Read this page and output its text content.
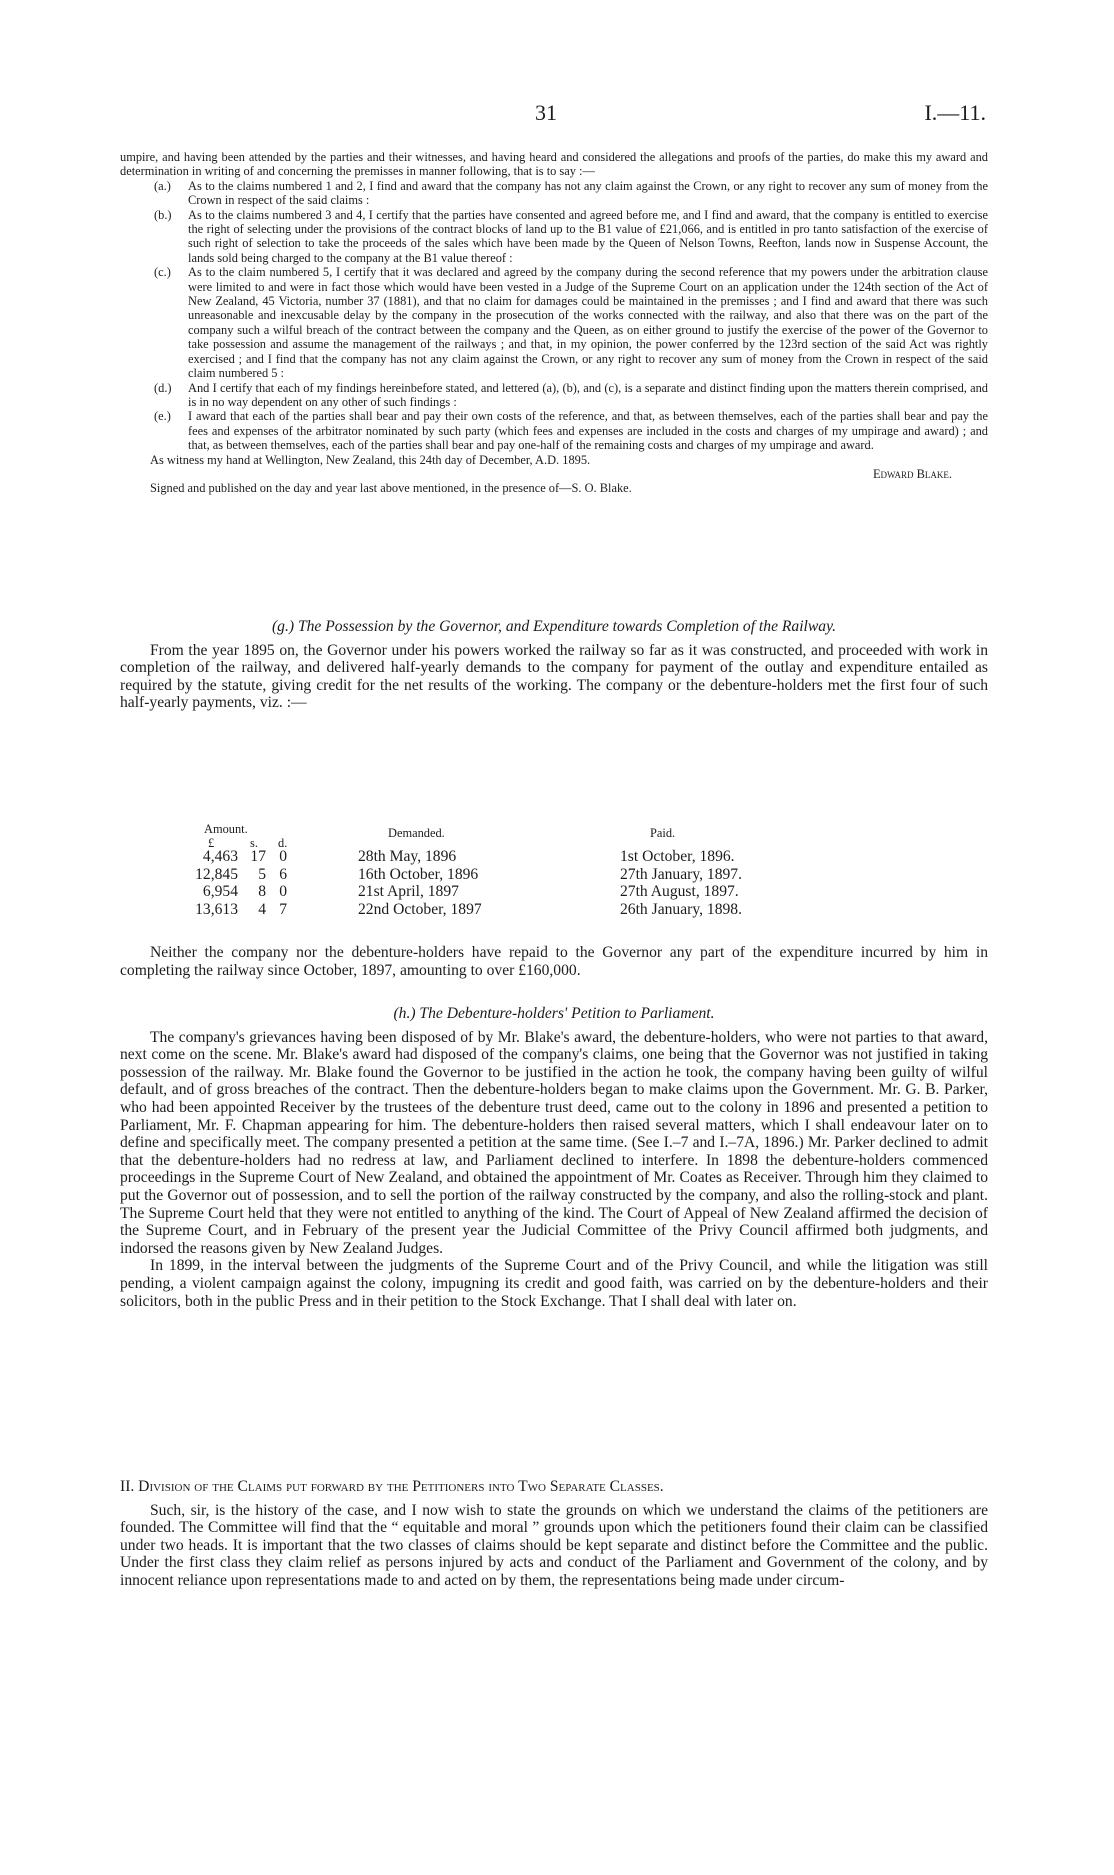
31	I.—11.

umpire, and having been attended by the parties and their witnesses, and having heard and considered the allegations and proofs of the parties, do make this my award and determination in writing of and concerning the premisses in manner following, that is to say :—

(a.)	As to the claims numbered 1 and 2, I find and award that the company has not any claim against the Crown, or any right to recover any sum of money from the Crown in respect of the said claims :
(b.)	As to the claims numbered 3 and 4, I certify that the parties have consented and agreed before me, and I find and award, that the company is entitled to exercise the right of selecting under the provisions of the contract blocks of land up to the B1 value of £21,066, and is entitled in pro tanto satisfaction of the exercise of such right of selection to take the proceeds of the sales which have been made by the Queen of Nelson Towns, Reefton, lands now in Suspense Account, the lands sold being charged to the company at the B1 value thereof :
(c.)	As to the claim numbered 5, I certify that it was declared and agreed by the company during the second reference that my powers under the arbitration clause were limited to and were in fact those which would have been vested in a Judge of the Supreme Court on an application under the 124th section of the Act of New Zealand, 45 Victoria, number 37 (1881), and that no claim for damages could be maintained in the premisses ; and I find and award that there was such unreasonable and inexcusable delay by the company in the prosecution of the works connected with the railway, and also that there was on the part of the company such a wilful breach of the contract between the company and the Queen, as on either ground to justify the exercise of the power of the Governor to take possession and assume the management of the railways ; and that, in my opinion, the power conferred by the 123rd section of the said Act was rightly exercised ; and I find that the company has not any claim against the Crown, or any right to recover any sum of money from the Crown in respect of the said claim numbered 5 :
(d.)	And I certify that each of my findings hereinbefore stated, and lettered (a), (b), and (c), is a separate and distinct finding upon the matters therein comprised, and is in no way dependent on any other of such findings :
(e.)	I award that each of the parties shall bear and pay their own costs of the reference, and that, as between themselves, each of the parties shall bear and pay the fees and expenses of the arbitrator nominated by such party (which fees and expenses are included in the costs and charges of my umpirage and award) ; and that, as between themselves, each of the parties shall bear and pay one-half of the remaining costs and charges of my umpirage and award.

As witness my hand at Wellington, New Zealand, this 24th day of December, A.D. 1895.

Edward Blake.

Signed and published on the day and year last above mentioned, in the presence of—S. O. Blake.

(g.) The Possession by the Governor, and Expenditure towards Completion of the Railway.

From the year 1895 on, the Governor under his powers worked the railway so far as it was constructed, and proceeded with work in completion of the railway, and delivered half-yearly demands to the company for payment of the outlay and expenditure entailed as required by the statute, giving credit for the net results of the working. The company or the debenture-holders met the first four of such half-yearly payments, viz. :—

Amount.	Demanded.	Paid.
£	s. d.
4,463 17 0	28th May, 1896	1st October, 1896.
12,845 5 6	16th October, 1896	27th January, 1897.
6,954 8 0	21st April, 1897	27th August, 1897.
13,613 4 7	22nd October, 1897	26th January, 1898.

Neither the company nor the debenture-holders have repaid to the Governor any part of the expenditure incurred by him in completing the railway since October, 1897, amounting to over £160,000.

(h.) The Debenture-holders' Petition to Parliament.

The company's grievances having been disposed of by Mr. Blake's award, the debenture-holders, who were not parties to that award, next come on the scene. Mr. Blake's award had disposed of the company's claims, one being that the Governor was not justified in taking possession of the railway. Mr. Blake found the Governor to be justified in the action he took, the company having been guilty of wilful default, and of gross breaches of the contract. Then the debenture-holders began to make claims upon the Government. Mr. G. B. Parker, who had been appointed Receiver by the trustees of the debenture trust deed, came out to the colony in 1896 and presented a petition to Parliament, Mr. F. Chapman appearing for him. The debenture-holders then raised several matters, which I shall endeavour later on to define and specifically meet. The company presented a petition at the same time. (See I.–7 and I.–7A, 1896.) Mr. Parker declined to admit that the debenture-holders had no redress at law, and Parliament declined to interfere. In 1898 the debenture-holders commenced proceedings in the Supreme Court of New Zealand, and obtained the appointment of Mr. Coates as Receiver. Through him they claimed to put the Governor out of possession, and to sell the portion of the railway constructed by the company, and also the rolling-stock and plant. The Supreme Court held that they were not entitled to anything of the kind. The Court of Appeal of New Zealand affirmed the decision of the Supreme Court, and in February of the present year the Judicial Committee of the Privy Council affirmed both judgments, and indorsed the reasons given by New Zealand Judges.

In 1899, in the interval between the judgments of the Supreme Court and of the Privy Council, and while the litigation was still pending, a violent campaign against the colony, impugning its credit and good faith, was carried on by the debenture-holders and their solicitors, both in the public Press and in their petition to the Stock Exchange. That I shall deal with later on.

II. Division of the Claims put forward by the Petitioners into Two Separate Classes.

Such, sir, is the history of the case, and I now wish to state the grounds on which we understand the claims of the petitioners are founded. The Committee will find that the “ equitable and moral ” grounds upon which the petitioners found their claim can be classified under two heads. It is important that the two classes of claims should be kept separate and distinct before the Committee and the public. Under the first class they claim relief as persons injured by acts and conduct of the Parliament and Government of the colony, and by innocent reliance upon representations made to and acted on by them, the representations being made under circum-
